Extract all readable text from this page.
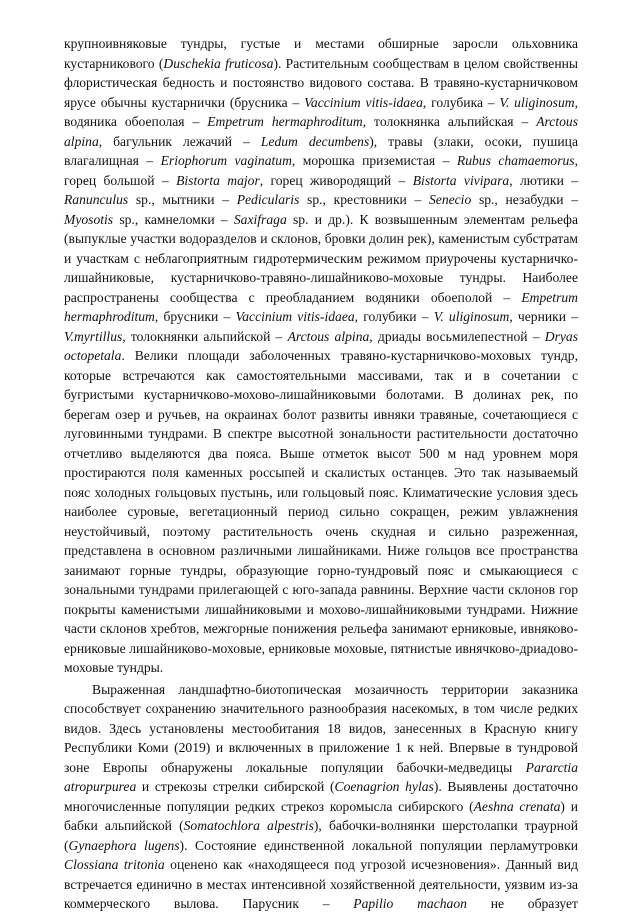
крупноивняковые тундры, густые и местами обширные заросли ольховника кустарникового (Duschekia fruticosa). Растительным сообществам в целом свойственны флористическая бедность и постоянство видового состава. В травяно-кустарничковом ярусе обычны кустарнички (брусника – Vaccinium vitis-idaea, голубика – V. uliginosum, водяника обоеполая – Empetrum hermaphroditum, толокнянка альпийская – Arctous alpina, багульник лежачий – Ledum decumbens), травы (злаки, осоки, пушица влагалищная – Eriophorum vaginatum, морошка приземистая – Rubus chamaemorus, горец большой – Bistorta major, горец живородящий – Bistorta vivipara, лютики – Ranunculus sp., мытники – Pedicularis sp., крестовники – Senecio sp., незабудки – Myosotis sp., камнеломки – Saxifraga sp. и др.). К возвышенным элементам рельефа (выпуклые участки водоразделов и склонов, бровки долин рек), каменистым субстратам и участкам с неблагоприятным гидротермическим режимом приурочены кустарничко-лишайниковые, кустарничково-травяно-лишайниково-моховые тундры. Наиболее распространены сообщества с преобладанием водяники обоеполой – Empetrum hermaphroditum, брусники – Vaccinium vitis-idaea, голубики – V. uliginosum, черники – V.myrtillus, толокнянки альпийской – Arctous alpina, дриады восьмилепестной – Dryas octopetala. Велики площади заболоченных травяно-кустарничково-моховых тундр, которые встречаются как самостоятельными массивами, так и в сочетании с бугристыми кустарничково-мохово-лишайниковыми болотами. В долинах рек, по берегам озер и ручьев, на окраинах болот развиты ивняки травяные, сочетающиеся с луговинными тундрами. В спектре высотной зональности растительности достаточно отчетливо выделяются два пояса. Выше отметок высот 500 м над уровнем моря простираются поля каменных россыпей и скалистых останцев. Это так называемый пояс холодных гольцовых пустынь, или гольцовый пояс. Климатические условия здесь наиболее суровые, вегетационный период сильно сокращен, режим увлажнения неустойчивый, поэтому растительность очень скудная и сильно разреженная, представлена в основном различными лишайниками. Ниже гольцов все пространства занимают горные тундры, образующие горно-тундровый пояс и смыкающиеся с зональными тундрами прилегающей с юго-запада равнины. Верхние части склонов гор покрыты каменистыми лишайниковыми и мохово-лишайниковыми тундрами. Нижние части склонов хребтов, межгорные понижения рельефа занимают ерниковые, ивняково-ерниковые лишайниково-моховые, ерниковые моховые, пятнистые ивнячково-дриадово-моховые тундры.

Выраженная ландшафтно-биотопическая мозаичность территории заказника способствует сохранению значительного разнообразия насекомых, в том числе редких видов. Здесь установлены местообитания 18 видов, занесенных в Красную книгу Республики Коми (2019) и включенных в приложение 1 к ней. Впервые в тундровой зоне Европы обнаружены локальные популяции бабочки-медведицы Pararctia atropurpurea и стрекозы стрелки сибирской (Coenagrion hylas). Выявлены достаточно многочисленные популяции редких стрекоз коромысла сибирского (Aeshna crenata) и бабки альпийской (Somatochlora alpestris), бабочки-волнянки шерстолапки траурной (Gynaephora lugens). Состояние единственной локальной популяции перламутровки Clossiana tritonia оценено как «находящееся под угрозой исчезновения». Данный вид встречается единично в местах интенсивной хозяйственной деятельности, уязвим из-за коммерческого вылова. Парусник – Papilio machaon не образует
